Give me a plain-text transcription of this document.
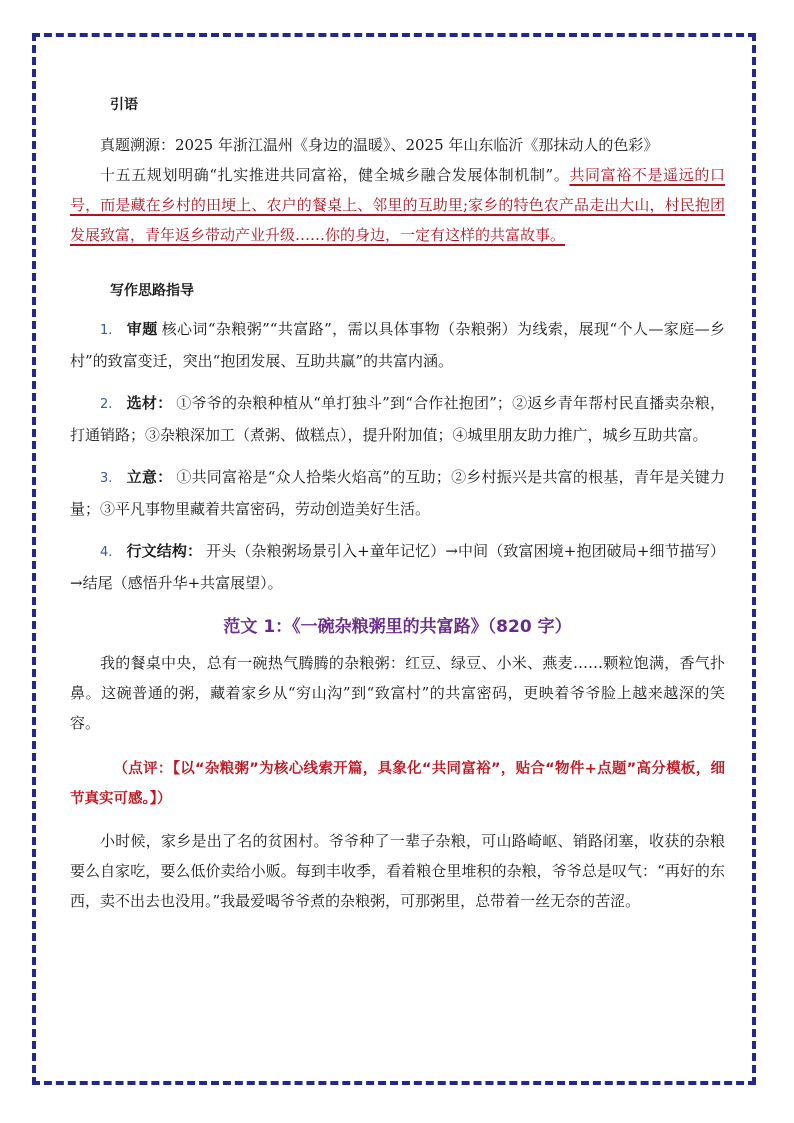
引语

真题溯源：2025 年浙江温州《身边的温暖》、2025 年山东临沂《那抹动人的色彩》

十五五规划明确“扎实推进共同富裕，健全城乡融合发展体制机制”。共同富裕不是遥远的口号，而是藏在乡村的田埂上、农户的餐桌上、邻里的互助里;家乡的特色农产品走出大山，村民抱团发展致富，青年返乡带动产业升级……你的身边，一定有这样的共富故事。

写作思路指导

1. 审题 核心词“杂粮粥”“共富路”，需以具体事物（杂粮粥）为线索，展现“个人—家庭—乡村”的致富变迁，突出“抱团发展、互助共赢”的共富内涵。

2. 选材： ①爷爷的杂粮种植从“单打独斗”到“合作社抱团”；②返乡青年帮村民直播卖杂粮，打通销路；③杂粮深加工（煮粥、做糕点），提升附加值；④城里朋友助力推广，城乡互助共富。

3. 立意： ①共同富裕是“众人拾柴火焰高”的互助；②乡村振兴是共富的根基，青年是关键力量；③平凡事物里藏着共富密码，劳动创造美好生活。

4. 行文结构： 开头（杂粮粥场景引入+童年记忆）→中间（致富困境+抱团破局+细节描写）→结尾（感悟升华+共富展望）。

范文 1：《一碗杂粮粥里的共富路》（820 字）

我的餐桌中央，总有一碗热气腾腾的杂粮粥：红豆、绿豆、小米、燕麦……颗粒饱满，香气扑鼻。这碗普通的粥，藏着家乡从“穷山沟”到“致富村”的共富密码，更映着爷爷脸上越来越深的笑容。

（点评：【以“杂粮粥”为核心线索开篇，具象化“共同富裕”，贴合“物件+点题”高分模板，细节真实可感。】）

小时候，家乡是出了名的贫困村。爷爷种了一辈子杂粮，可山路崎岖、销路闭塞，收获的杂粮要么自家吃，要么低价卖给小贩。每到丰收季，看着粮仓里堆积的杂粮，爷爷总是叹气：“再好的东西，卖不出去也没用。”我最爱喝爷爷煮的杂粮粥，可那粥里，总带着一丝无奈的苦涩。
